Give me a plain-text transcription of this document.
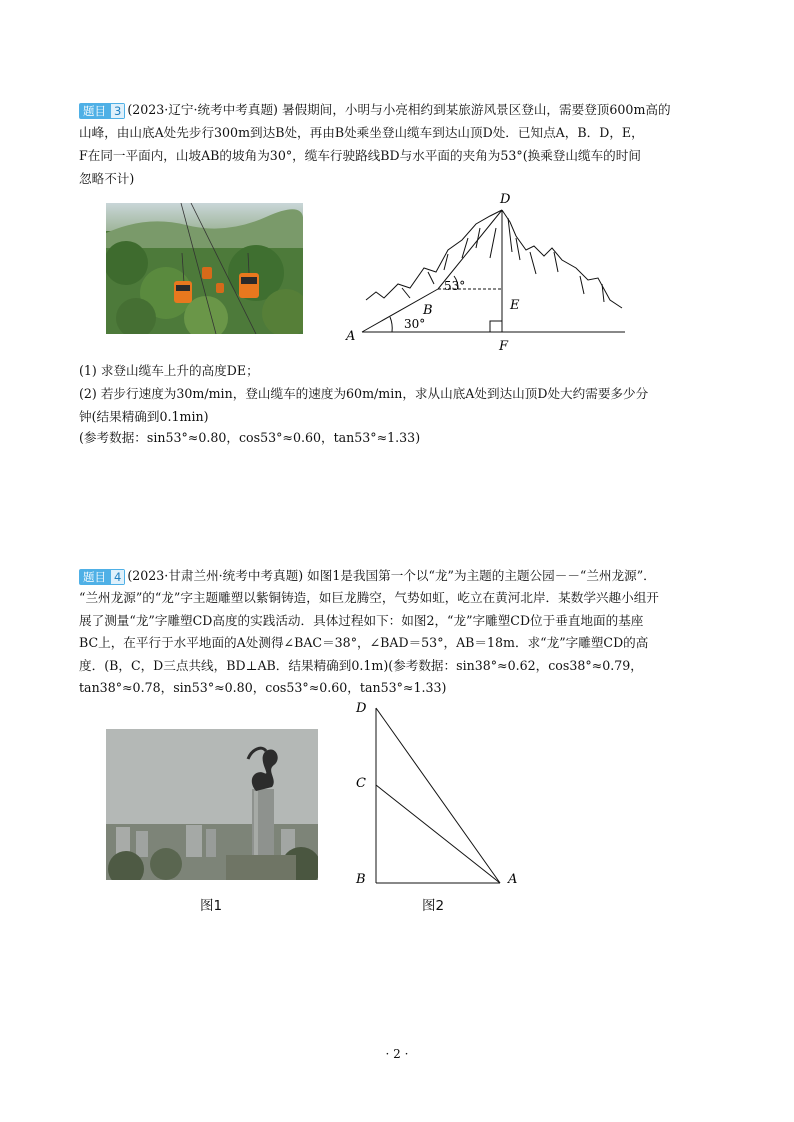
题目 3 (2023·辽宁·统考中考真题) 暑假期间，小明与小亮相约到某旅游风景区登山，需要登顶600m高的
山峰，由山底A处先步行300m到达B处，再由B处乘坐登山缆车到达山顶D处．已知点A，B．D，E，
F在同一平面内，山坡AB的坡角为30°，缆车行驶路线BD与水平面的夹角为53°(换乘登山缆车的时间
忽略不计)
D
E
B
A
F
53°
30°
(1) 求登山缆车上升的高度DE；
(2) 若步行速度为30m/min，登山缆车的速度为60m/min，求从山底A处到达山顶D处大约需要多少分
钟(结果精确到0.1min)
(参考数据：sin53°≈0.80，cos53°≈0.60，tan53°≈1.33)
题目 4 (2023·甘肃兰州·统考中考真题) 如图1是我国第一个以“龙”为主题的主题公园－－“兰州龙源”．
“兰州龙源”的“龙”字主题雕塑以紫铜铸造，如巨龙腾空，气势如虹，屹立在黄河北岸．某数学兴趣小组开
展了测量“龙”字雕塑CD高度的实践活动．具体过程如下：如图2，“龙”字雕塑CD位于垂直地面的基座
BC上，在平行于水平地面的A处测得∠BAC＝38°，∠BAD＝53°，AB＝18m．求“龙”字雕塑CD的高
度．(B，C，D三点共线，BD⊥AB．结果精确到0.1m)(参考数据：sin38°≈0.62，cos38°≈0.79，
tan38°≈0.78，sin53°≈0.80，cos53°≈0.60，tan53°≈1.33)
图1
D
C
B	A
图2
· 2 ·
